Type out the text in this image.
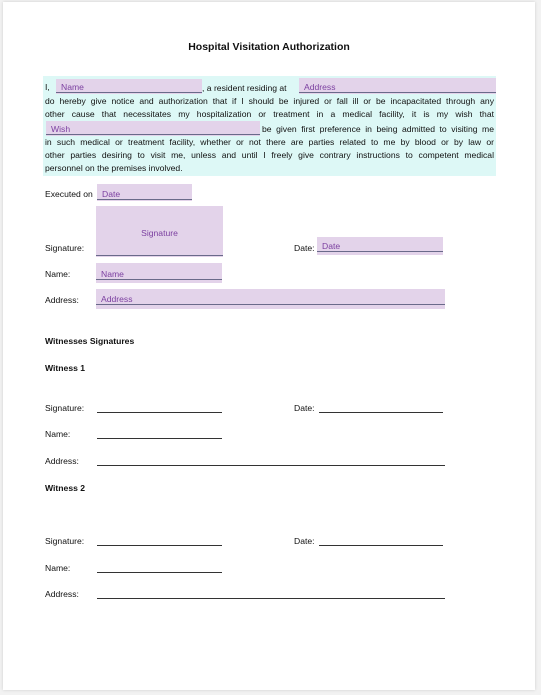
Hospital Visitation Authorization
I, Name	, a resident residing at Address
do hereby give notice and authorization that if I should be injured or fall ill or be incapacitated through any
other cause that necessitates my hospitalization or treatment in a medical facility, it is my wish that
Wish	be given first preference in being admitted to visiting me
in such medical or treatment facility, whether or not there are parties related to me by blood or by law or
other parties desiring to visit me, unless and until I freely give contrary instructions to competent medical
personnel on the premises involved.
Executed on Date
Signature
Signature:	Date: Date
Name:	Name
Address:	Address
Witnesses Signatures
Witness 1
Signature:	Date:
Name:
Address:
Witness 2
Signature:	Date:
Name:
Address:
